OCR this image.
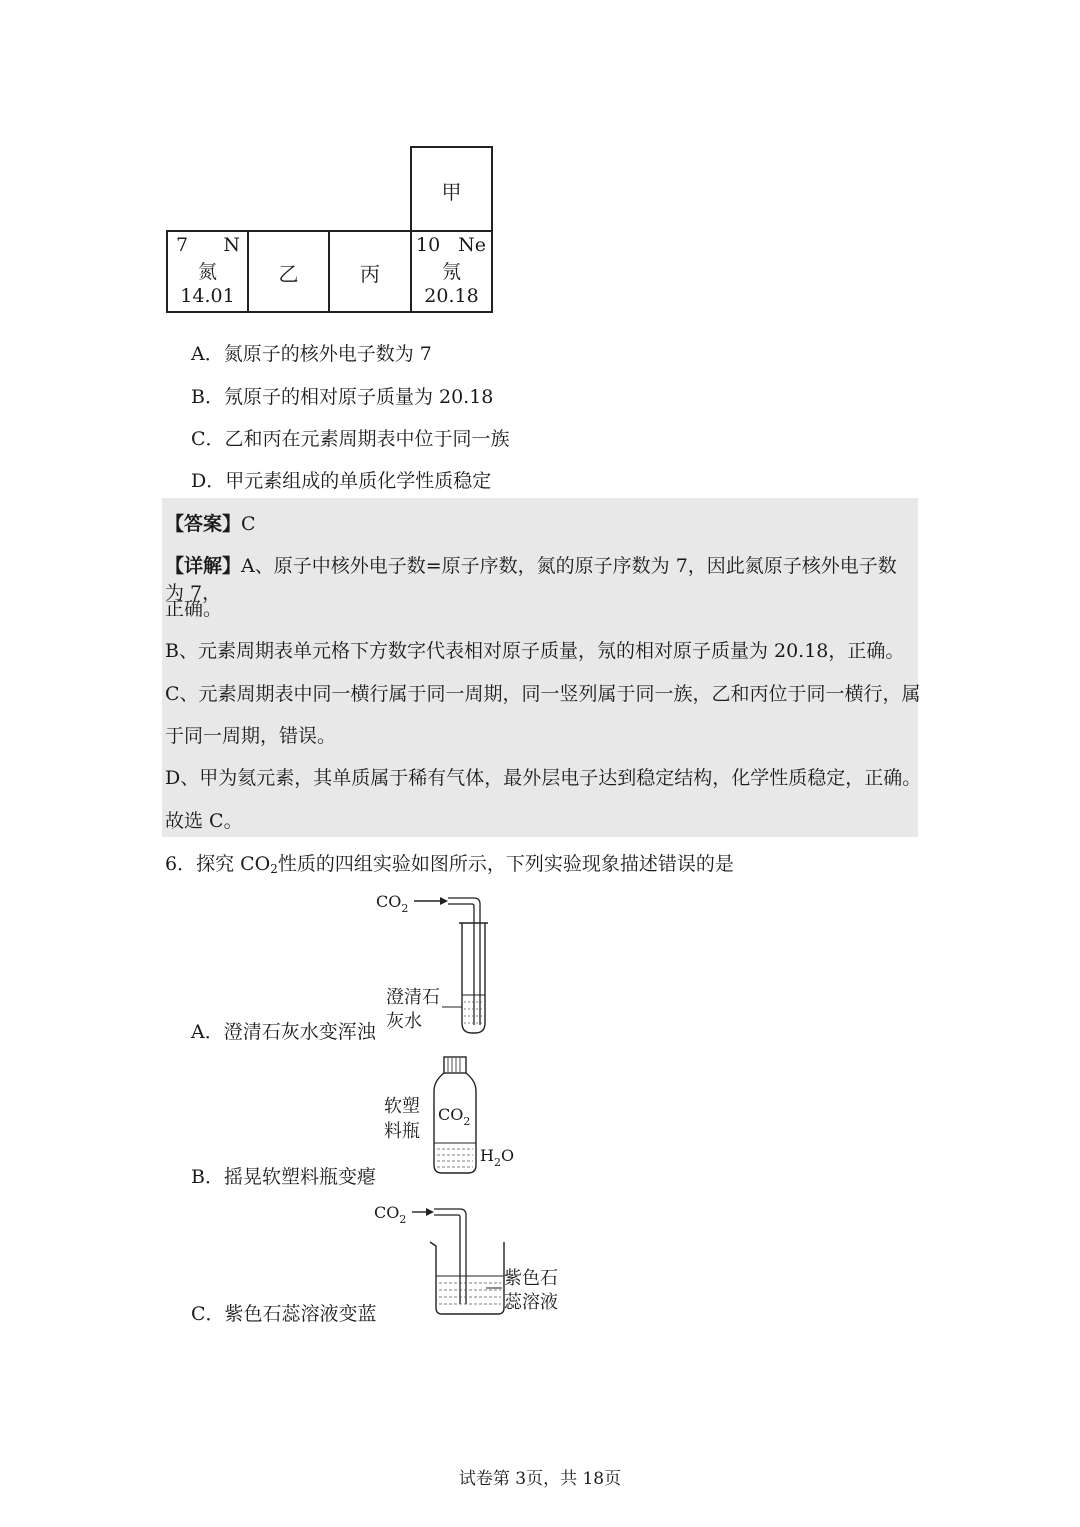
甲
7 N
氮
14.01
乙	丙
10 Ne
氖
20.18
A．氮原子的核外电子数为 7
B．氖原子的相对原子质量为 20.18
C．乙和丙在元素周期表中位于同一族
D．甲元素组成的单质化学性质稳定
【答案】C
【详解】A、原子中核外电子数=原子序数，氮的原子序数为 7，因此氮原子核外电子数为 7，
正确。
B、元素周期表单元格下方数字代表相对原子质量，氖的相对原子质量为 20.18，正确。
C、元素周期表中同一横行属于同一周期，同一竖列属于同一族，乙和丙位于同一横行，属
于同一周期，错误。
D、甲为氦元素，其单质属于稀有气体，最外层电子达到稳定结构，化学性质稳定，正确。
故选 C。
6．探究 $CO_2$性质的四组实验如图所示，下列实验现象描述错误的是
$CO_2$
澄清石
灰水
A．澄清石灰水变浑浊
软塑
料瓶
$CO_2$
$H_2O$
B．摇晃软塑料瓶变瘪
$CO_2$
紫色石
蕊溶液
C．紫色石蕊溶液变蓝
试卷第 3页，共 18页
